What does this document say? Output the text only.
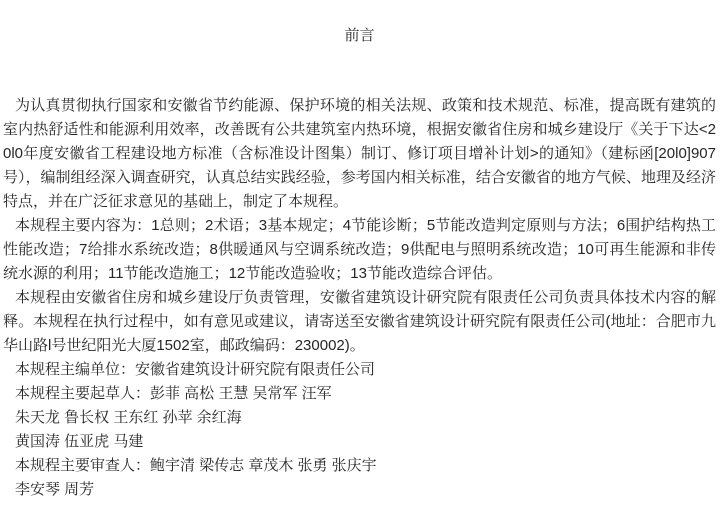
前言

为认真贯彻执行国家和安徽省节约能源、保护环境的相关法规、政策和技术规范、标准，提高既有建筑的室内热舒适性和能源利用效率，改善既有公共建筑室内热环境，根据安徽省住房和城乡建设厅《关于下达<20l0年度安徽省工程建设地方标准（含标准设计图集）制订、修订项目增补计划>的通知》（建标函[20l0]907号），编制组经深入调查研究，认真总结实践经验，参考国内相关标准，结合安徽省的地方气候、地理及经济特点，并在广泛征求意见的基础上，制定了本规程。

本规程主要内容为：1总则；2术语；3基本规定；4节能诊断；5节能改造判定原则与方法；6围护结构热工性能改造；7给排水系统改造；8供暖通风与空调系统改造；9供配电与照明系统改造；10可再生能源和非传统水源的利用；11节能改造施工；12节能改造验收；13节能改造综合评估。

本规程由安徽省住房和城乡建设厅负责管理，安徽省建筑设计研究院有限责任公司负责具体技术内容的解释。本规程在执行过程中，如有意见或建议，请寄送至安徽省建筑设计研究院有限责任公司(地址：合肥市九华山路l号世纪阳光大厦1502室，邮政编码：230002)。

本规程主编单位：安徽省建筑设计研究院有限责任公司

本规程主要起草人：彭菲 高松 王慧 吴常军 汪军

朱天龙 鲁长权 王东红 孙苹 余红海

黄国涛 伍亚虎 马建

本规程主要审查人：鲍宇清 梁传志 章茂木 张勇 张庆宇

李安琴 周芳
